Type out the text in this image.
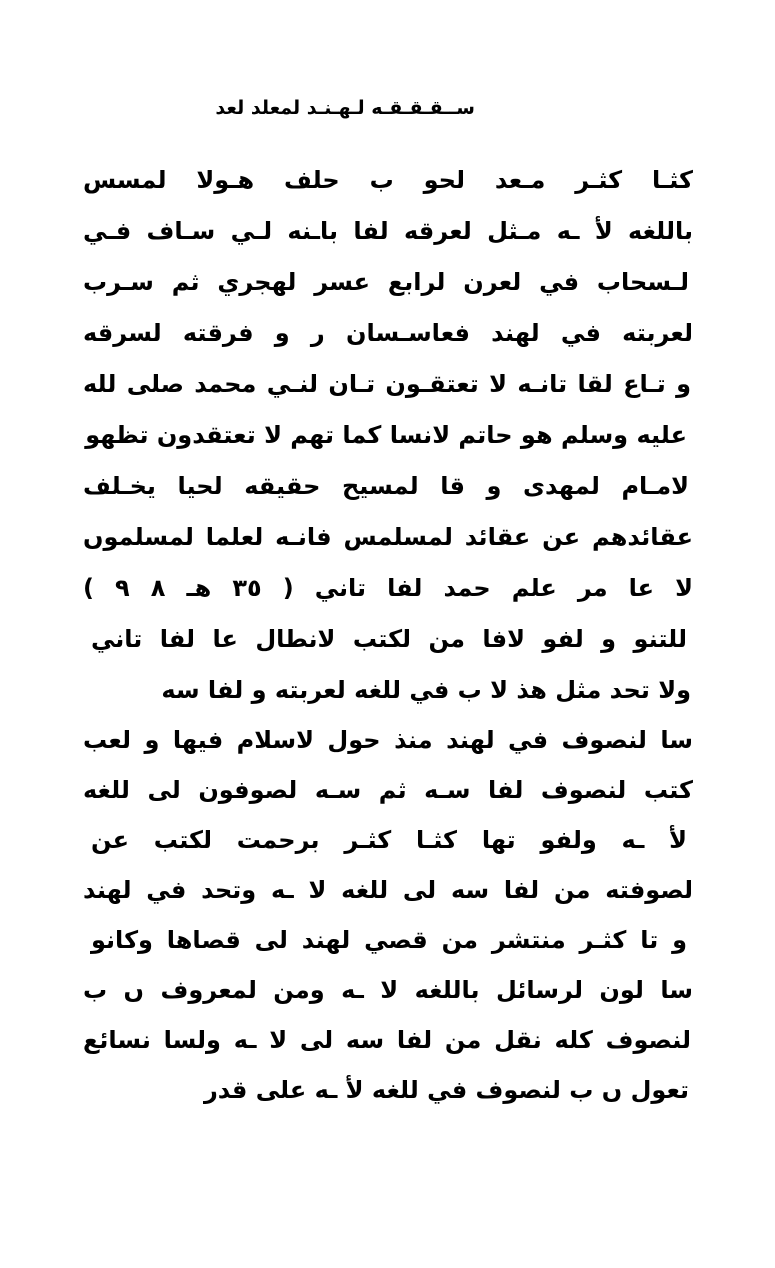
ســقـقـقـه لـهـنـد لمعلد لعد
كثـا كثـر مـعد لحو ب حلف هـولا لمسس
باللغه لأ ـه مـثل لعرقه لفا باـنه لـي سـاف فـي
لـسحاب في لعرن لرابع عسر لهجري ثم سـرب
لعربته في لهند فعاسـسان ر و فرقته لسرقه
و تـاع لقا تانـه لا تعتقـون تـان لنـي محمد صلى لله
عليه وسلم هو حاتم لانسا كما تهم لا تعتقدون تظهو
لامـام لمهدى و قا لمسيح حقيقه لحيا يخـلف
عقائدهم عن عقائد لمسلمس فانـه لعلما لمسلموں
لا عا مر علم حمد لفا تاني ( ٣٥ هـ ٨ ٩ )
للتنو و لفو لافا من لكتب لانطال عا لفا تاني
ولا تحد مثل هذ لا ب في للغه لعربته و لفا سه
سا لنصوف في لهند منذ حول لاسلام فيها و لعب
كتب لنصوف لفا سـه ثم سـه لصوفون لى للغه
لأ ـه ولفو تها كثـا كثـر برحمت لكتب عن
لصوفته من لفا سه لى للغه لا ـه وتحد في لهند
و تا كثـر منتشر من قصي لهند لى قصاها وكانو
سا لون لرسائل باللغه لا ـه ومن لمعروف ں ب
لنصوف كله نقل من لفا سه لى لا ـه ولسا نسائع
تعول ں ب لنصوف في للغه لأ ـه على قدر
